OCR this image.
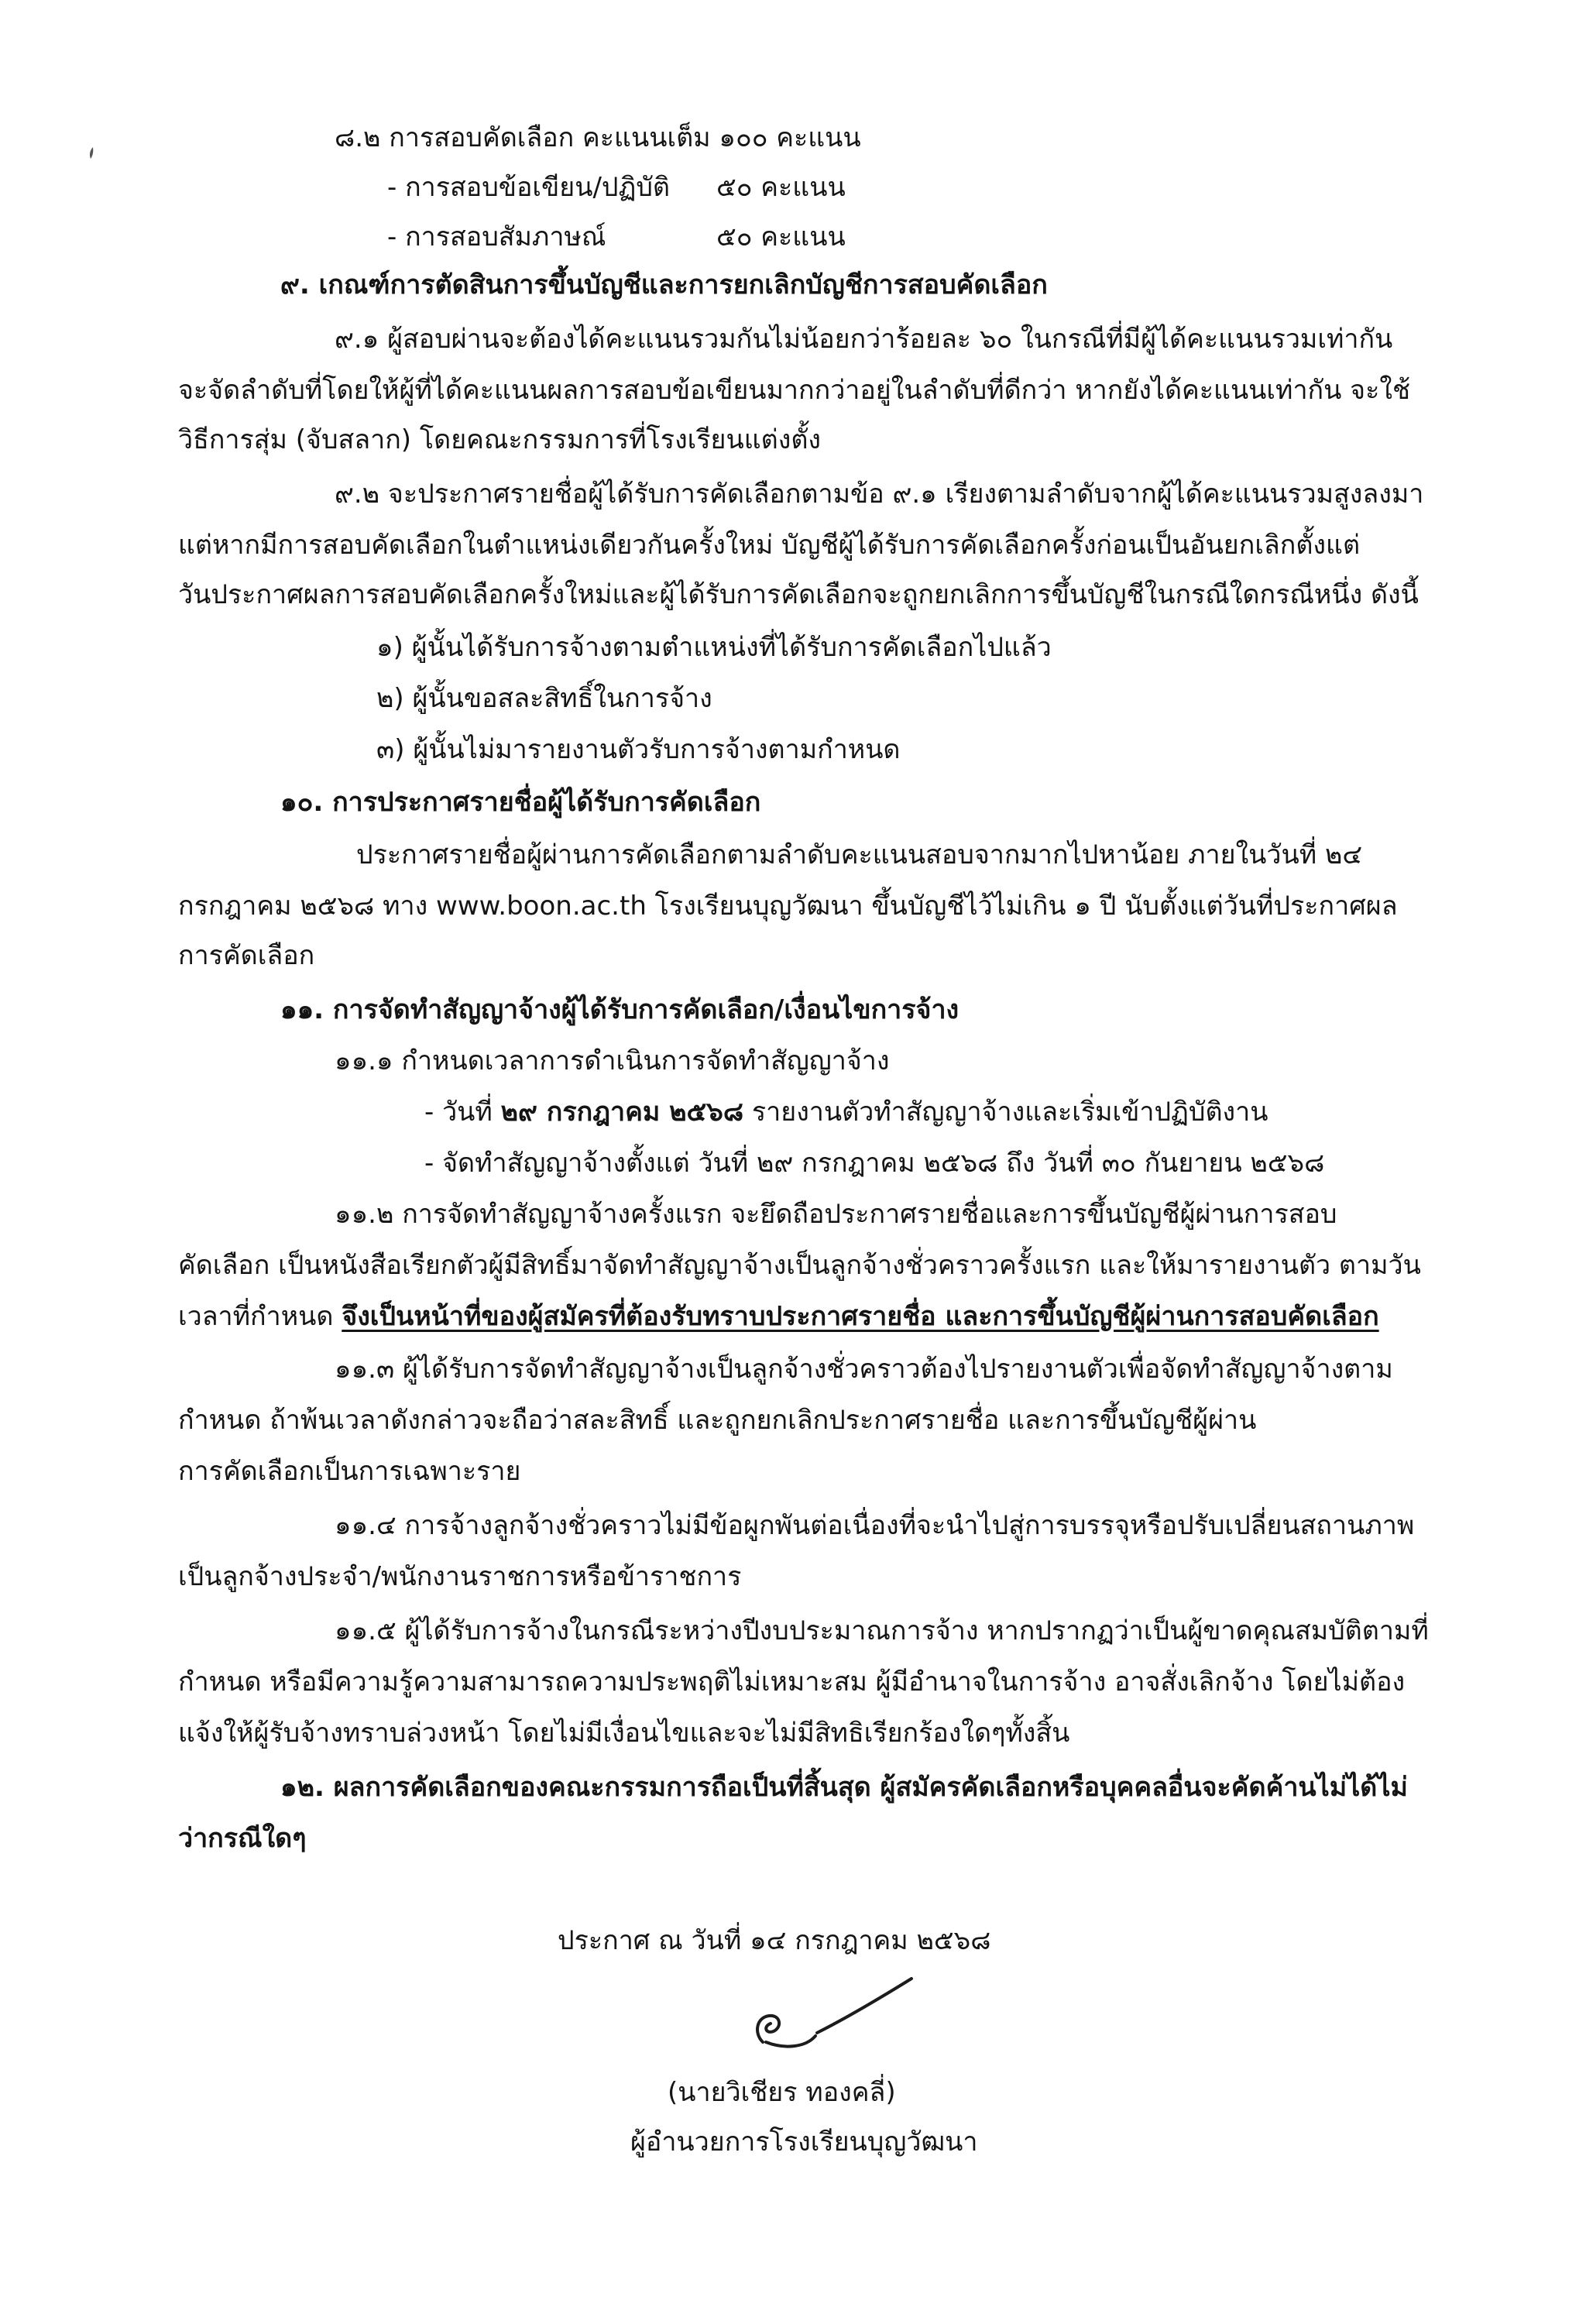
๘.๒ การสอบคัดเลือก คะแนนเต็ม ๑๐๐ คะแนน
- การสอบข้อเขียน/ปฏิบัติ ๕๐ คะแนน
- การสอบสัมภาษณ์	๕๐ คะแนน
๙. เกณฑ์การตัดสินการขึ้นบัญชีและการยกเลิกบัญชีการสอบคัดเลือก
๙.๑ ผู้สอบผ่านจะต้องได้คะแนนรวมกันไม่น้อยกว่าร้อยละ ๖๐ ในกรณีที่มีผู้ได้คะแนนรวมเท่ากัน
จะจัดลำดับที่โดยให้ผู้ที่ได้คะแนนผลการสอบข้อเขียนมากกว่าอยู่ในลำดับที่ดีกว่า หากยังได้คะแนนเท่ากัน จะใช้
วิธีการสุ่ม (จับสลาก) โดยคณะกรรมการที่โรงเรียนแต่งตั้ง
๙.๒ จะประกาศรายชื่อผู้ได้รับการคัดเลือกตามข้อ ๙.๑ เรียงตามลำดับจากผู้ได้คะแนนรวมสูงลงมา
แต่หากมีการสอบคัดเลือกในตำแหน่งเดียวกันครั้งใหม่ บัญชีผู้ได้รับการคัดเลือกครั้งก่อนเป็นอันยกเลิกตั้งแต่
วันประกาศผลการสอบคัดเลือกครั้งใหม่และผู้ได้รับการคัดเลือกจะถูกยกเลิกการขึ้นบัญชีในกรณีใดกรณีหนึ่ง ดังนี้
๑) ผู้นั้นได้รับการจ้างตามตำแหน่งที่ได้รับการคัดเลือกไปแล้ว
๒) ผู้นั้นขอสละสิทธิ์ในการจ้าง
๓) ผู้นั้นไม่มารายงานตัวรับการจ้างตามกำหนด
๑๐. การประกาศรายชื่อผู้ได้รับการคัดเลือก
ประกาศรายชื่อผู้ผ่านการคัดเลือกตามลำดับคะแนนสอบจากมากไปหาน้อย ภายในวันที่ ๒๔
กรกฎาคม ๒๕๖๘ ทาง www.boon.ac.th โรงเรียนบุญวัฒนา ขึ้นบัญชีไว้ไม่เกิน ๑ ปี นับตั้งแต่วันที่ประกาศผล
การคัดเลือก
๑๑. การจัดทำสัญญาจ้างผู้ได้รับการคัดเลือก/เงื่อนไขการจ้าง
๑๑.๑ กำหนดเวลาการดำเนินการจัดทำสัญญาจ้าง
- วันที่ ๒๙ กรกฎาคม ๒๕๖๘ รายงานตัวทำสัญญาจ้างและเริ่มเข้าปฏิบัติงาน
- จัดทำสัญญาจ้างตั้งแต่ วันที่ ๒๙ กรกฎาคม ๒๕๖๘ ถึง วันที่ ๓๐ กันยายน ๒๕๖๘
๑๑.๒ การจัดทำสัญญาจ้างครั้งแรก จะยึดถือประกาศรายชื่อและการขึ้นบัญชีผู้ผ่านการสอบ
คัดเลือก เป็นหนังสือเรียกตัวผู้มีสิทธิ์มาจัดทำสัญญาจ้างเป็นลูกจ้างชั่วคราวครั้งแรก และให้มารายงานตัว ตามวัน
เวลาที่กำหนด จึงเป็นหน้าที่ของผู้สมัครที่ต้องรับทราบประกาศรายชื่อ และการขึ้นบัญชีผู้ผ่านการสอบคัดเลือก
๑๑.๓ ผู้ได้รับการจัดทำสัญญาจ้างเป็นลูกจ้างชั่วคราวต้องไปรายงานตัวเพื่อจัดทำสัญญาจ้างตาม
กำหนด ถ้าพ้นเวลาดังกล่าวจะถือว่าสละสิทธิ์ และถูกยกเลิกประกาศรายชื่อ และการขึ้นบัญชีผู้ผ่าน
การคัดเลือกเป็นการเฉพาะราย
๑๑.๔ การจ้างลูกจ้างชั่วคราวไม่มีข้อผูกพันต่อเนื่องที่จะนำไปสู่การบรรจุหรือปรับเปลี่ยนสถานภาพ
เป็นลูกจ้างประจำ/พนักงานราชการหรือข้าราชการ
๑๑.๕ ผู้ได้รับการจ้างในกรณีระหว่างปีงบประมาณการจ้าง หากปรากฏว่าเป็นผู้ขาดคุณสมบัติตามที่
กำหนด หรือมีความรู้ความสามารถความประพฤติไม่เหมาะสม ผู้มีอำนาจในการจ้าง อาจสั่งเลิกจ้าง โดยไม่ต้อง
แจ้งให้ผู้รับจ้างทราบล่วงหน้า โดยไม่มีเงื่อนไขและจะไม่มีสิทธิเรียกร้องใดๆทั้งสิ้น
๑๒. ผลการคัดเลือกของคณะกรรมการถือเป็นที่สิ้นสุด ผู้สมัครคัดเลือกหรือบุคคลอื่นจะคัดค้านไม่ได้ไม่
ว่ากรณีใดๆ
ประกาศ ณ วันที่ ๑๔ กรกฎาคม ๒๕๖๘
(นายวิเชียร ทองคลี่)
ผู้อำนวยการโรงเรียนบุญวัฒนา
